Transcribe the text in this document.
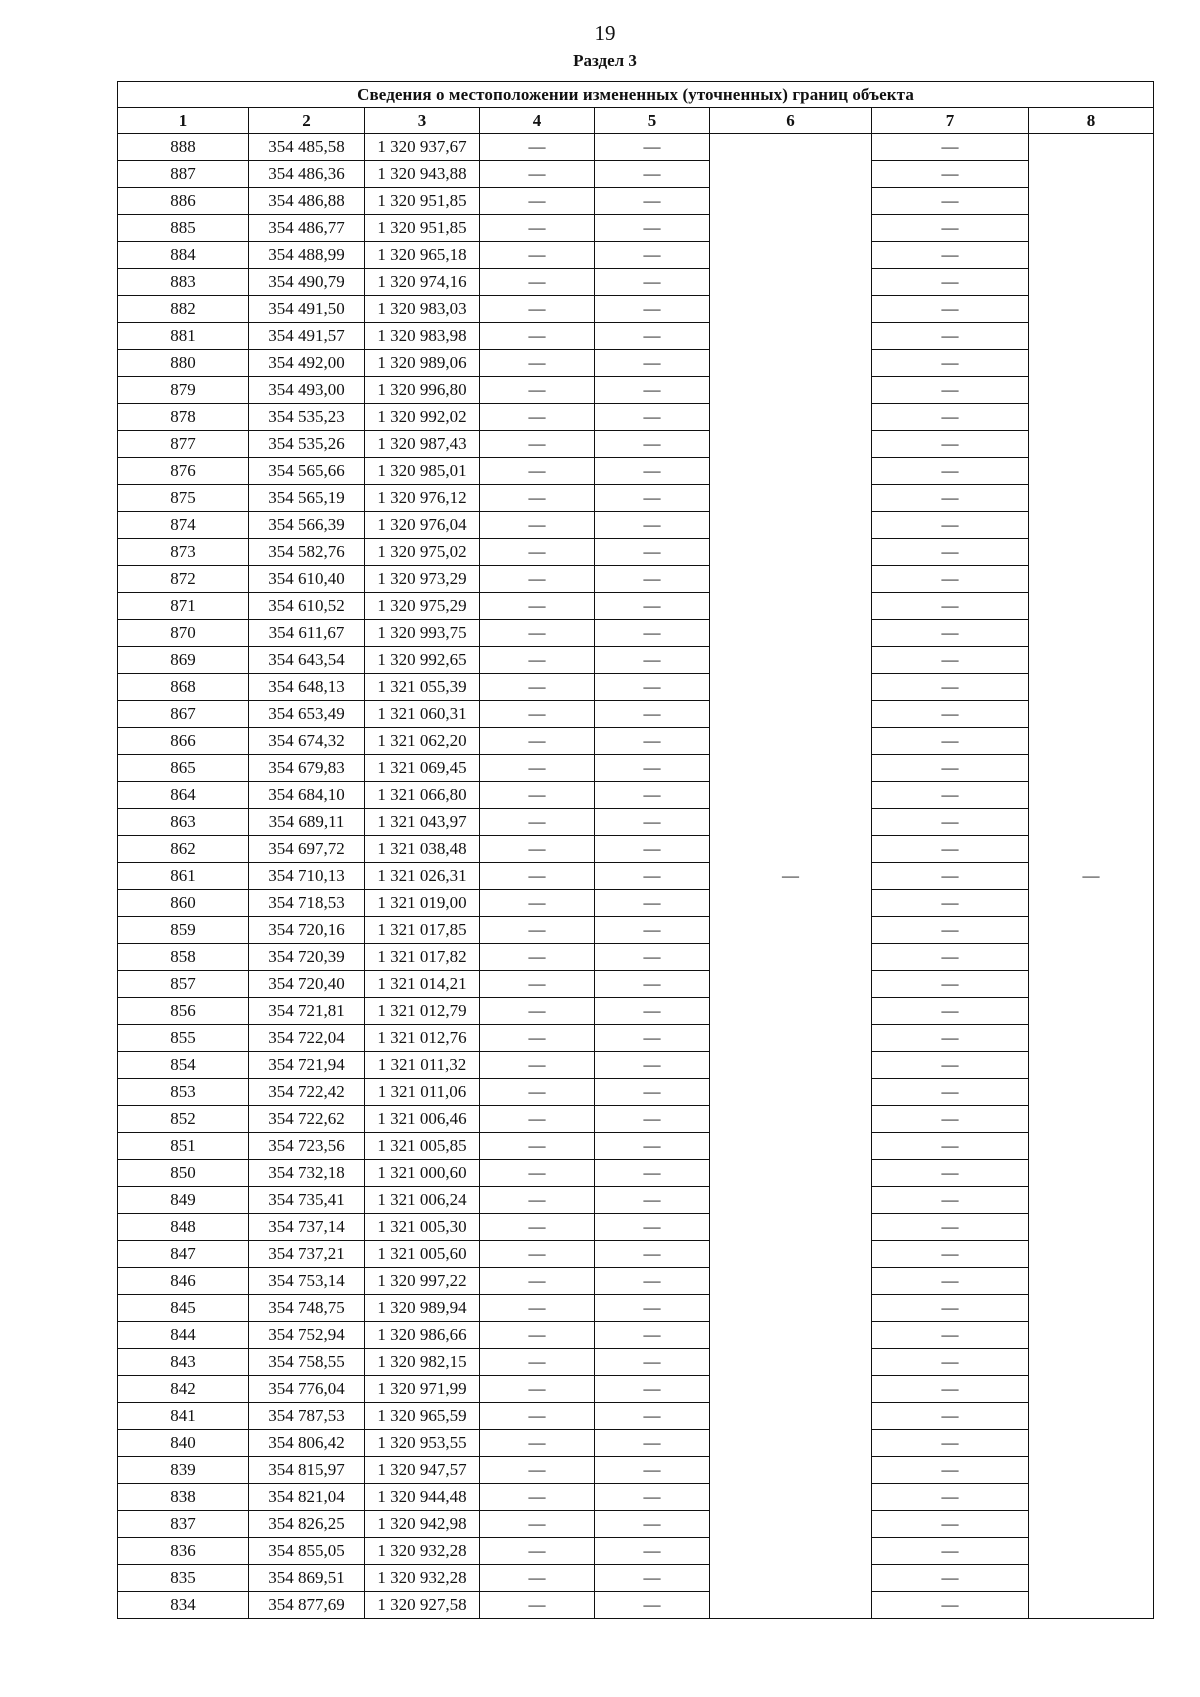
19
Раздел 3
Сведения о местоположении измененных (уточненных) границ объекта							
1	2	3	4	5	6	7	8
888	354 485,58	1 320 937,67	—	—	—	—	—
887	354 486,36	1 320 943,88	—	—		—	
886	354 486,88	1 320 951,85	—	—		—	
885	354 486,77	1 320 951,85	—	—		—	
884	354 488,99	1 320 965,18	—	—		—	
883	354 490,79	1 320 974,16	—	—		—	
882	354 491,50	1 320 983,03	—	—		—	
881	354 491,57	1 320 983,98	—	—		—	
880	354 492,00	1 320 989,06	—	—		—	
879	354 493,00	1 320 996,80	—	—		—	
878	354 535,23	1 320 992,02	—	—		—	
877	354 535,26	1 320 987,43	—	—		—	
876	354 565,66	1 320 985,01	—	—		—	
875	354 565,19	1 320 976,12	—	—		—	
874	354 566,39	1 320 976,04	—	—		—	
873	354 582,76	1 320 975,02	—	—		—	
872	354 610,40	1 320 973,29	—	—		—	
871	354 610,52	1 320 975,29	—	—		—	
870	354 611,67	1 320 993,75	—	—		—	
869	354 643,54	1 320 992,65	—	—		—	
868	354 648,13	1 321 055,39	—	—		—	
867	354 653,49	1 321 060,31	—	—		—	
866	354 674,32	1 321 062,20	—	—		—	
865	354 679,83	1 321 069,45	—	—		—	
864	354 684,10	1 321 066,80	—	—		—	
863	354 689,11	1 321 043,97	—	—		—	
862	354 697,72	1 321 038,48	—	—		—	
861	354 710,13	1 321 026,31	—	—		—	
860	354 718,53	1 321 019,00	—	—		—	
859	354 720,16	1 321 017,85	—	—		—	
858	354 720,39	1 321 017,82	—	—		—	
857	354 720,40	1 321 014,21	—	—		—	
856	354 721,81	1 321 012,79	—	—		—	
855	354 722,04	1 321 012,76	—	—		—	
854	354 721,94	1 321 011,32	—	—		—	
853	354 722,42	1 321 011,06	—	—		—	
852	354 722,62	1 321 006,46	—	—		—	
851	354 723,56	1 321 005,85	—	—		—	
850	354 732,18	1 321 000,60	—	—		—	
849	354 735,41	1 321 006,24	—	—		—	
848	354 737,14	1 321 005,30	—	—		—	
847	354 737,21	1 321 005,60	—	—		—	
846	354 753,14	1 320 997,22	—	—		—	
845	354 748,75	1 320 989,94	—	—		—	
844	354 752,94	1 320 986,66	—	—		—	
843	354 758,55	1 320 982,15	—	—		—	
842	354 776,04	1 320 971,99	—	—		—	
841	354 787,53	1 320 965,59	—	—		—	
840	354 806,42	1 320 953,55	—	—		—	
839	354 815,97	1 320 947,57	—	—		—	
838	354 821,04	1 320 944,48	—	—		—	
837	354 826,25	1 320 942,98	—	—		—	
836	354 855,05	1 320 932,28	—	—		—	
835	354 869,51	1 320 932,28	—	—		—	
834	354 877,69	1 320 927,58	—	—		—	
